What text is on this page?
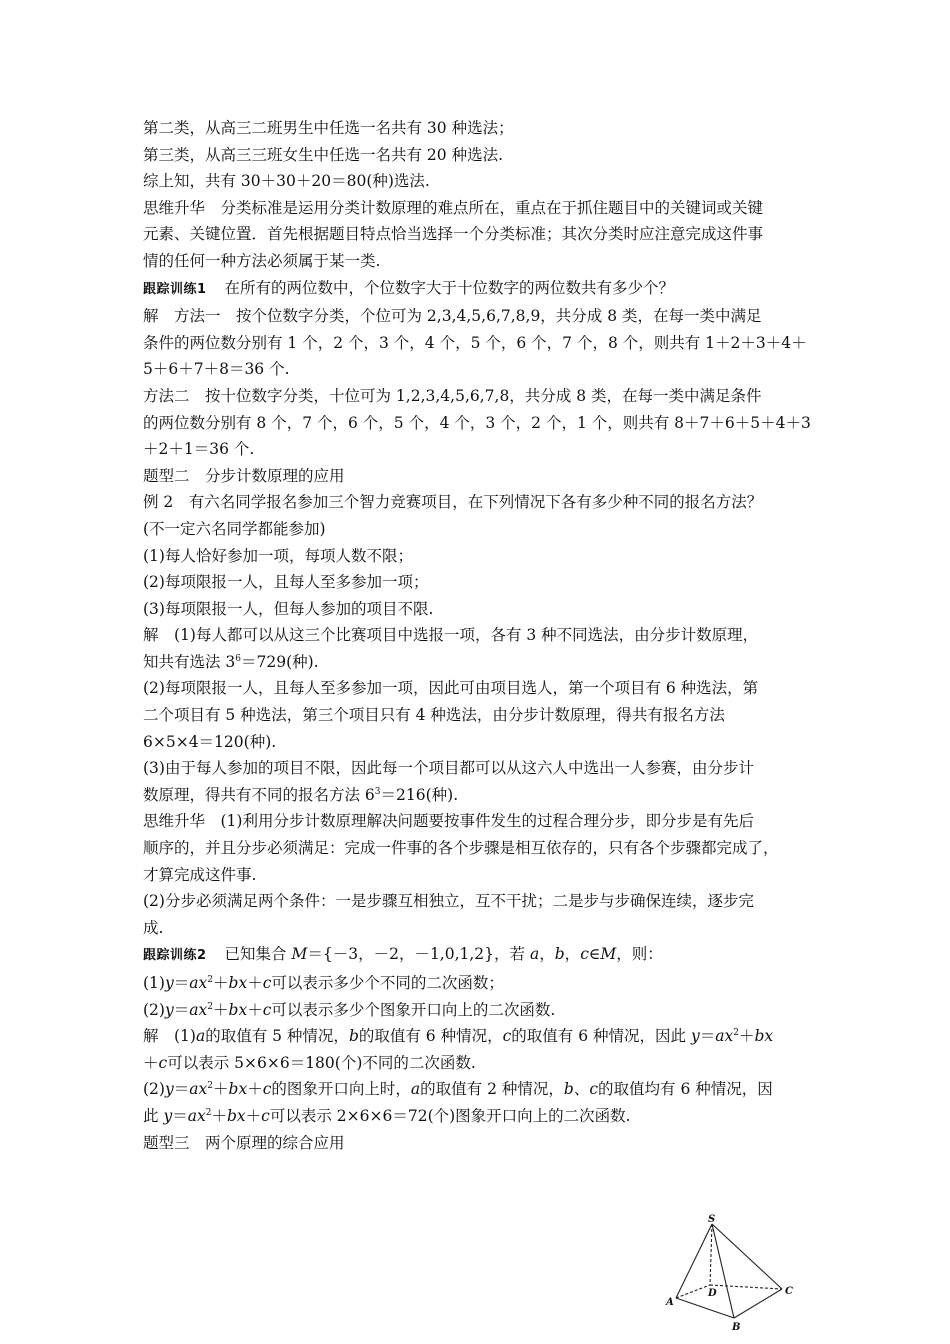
第二类，从高三二班男生中任选一名共有 30 种选法；

第三类，从高三三班女生中任选一名共有 20 种选法.

综上知，共有 30＋30＋20＝80(种)选法.

思维升华　分类标准是运用分类计数原理的难点所在，重点在于抓住题目中的关键词或关键

元素、关键位置．首先根据题目特点恰当选择一个分类标准；其次分类时应注意完成这件事

情的任何一种方法必须属于某一类.

跟踪训练1 在所有的两位数中，个位数字大于十位数字的两位数共有多少个？

解　方法一　按个位数字分类，个位可为 2,3,4,5,6,7,8,9，共分成 8 类，在每一类中满足

条件的两位数分别有 1 个，2 个，3 个，4 个，5 个，6 个，7 个，8 个，则共有 1＋2＋3＋4＋

5＋6＋7＋8＝36 个.

方法二　按十位数字分类，十位可为 1,2,3,4,5,6,7,8，共分成 8 类，在每一类中满足条件

的两位数分别有 8 个，7 个，6 个，5 个，4 个，3 个，2 个，1 个，则共有 8＋7＋6＋5＋4＋3

＋2＋1＝36 个.

题型二　分步计数原理的应用

例 2　有六名同学报名参加三个智力竞赛项目，在下列情况下各有多少种不同的报名方法？

(不一定六名同学都能参加)

(1)每人恰好参加一项，每项人数不限；

(2)每项限报一人，且每人至多参加一项；

(3)每项限报一人，但每人参加的项目不限.

解　(1)每人都可以从这三个比赛项目中选报一项，各有 3 种不同选法，由分步计数原理，

知共有选法 $3^6=729$(种).

(2)每项限报一人，且每人至多参加一项，因此可由项目选人，第一个项目有 6 种选法，第

二个项目有 5 种选法，第三个项目只有 4 种选法，由分步计数原理，得共有报名方法

6×5×4＝120(种).

(3)由于每人参加的项目不限，因此每一个项目都可以从这六人中选出一人参赛，由分步计

数原理，得共有不同的报名方法 $6^3=216$(种).

思维升华　(1)利用分步计数原理解决问题要按事件发生的过程合理分步，即分步是有先后

顺序的，并且分步必须满足：完成一件事的各个步骤是相互依存的，只有各个步骤都完成了，

才算完成这件事.

(2)分步必须满足两个条件：一是步骤互相独立，互不干扰；二是步与步确保连续，逐步完

成.

跟踪训练2 已知集合 M＝{－3，－2，－1,0,1,2}，若 a，b，c∈M，则：

$(1)y=ax^2+bx+c$可以表示多少个不同的二次函数；

$(2)y=ax^2+bx+c$可以表示多少个图象开口向上的二次函数.

解　(1)a的取值有 5 种情况，b的取值有 6 种情况，c的取值有 6 种情况，因此 $y=ax^2+bx$

＋c可以表示 5×6×6＝180(个)不同的二次函数.

$(2)y=ax^2+bx+c$的图象开口向上时，a的取值有 2 种情况，b、c的取值均有 6 种情况，因

此 $y=ax^2+bx+c$可以表示 2×6×6＝72(个)图象开口向上的二次函数.

题型三　两个原理的综合应用

S
A
B
C
D
